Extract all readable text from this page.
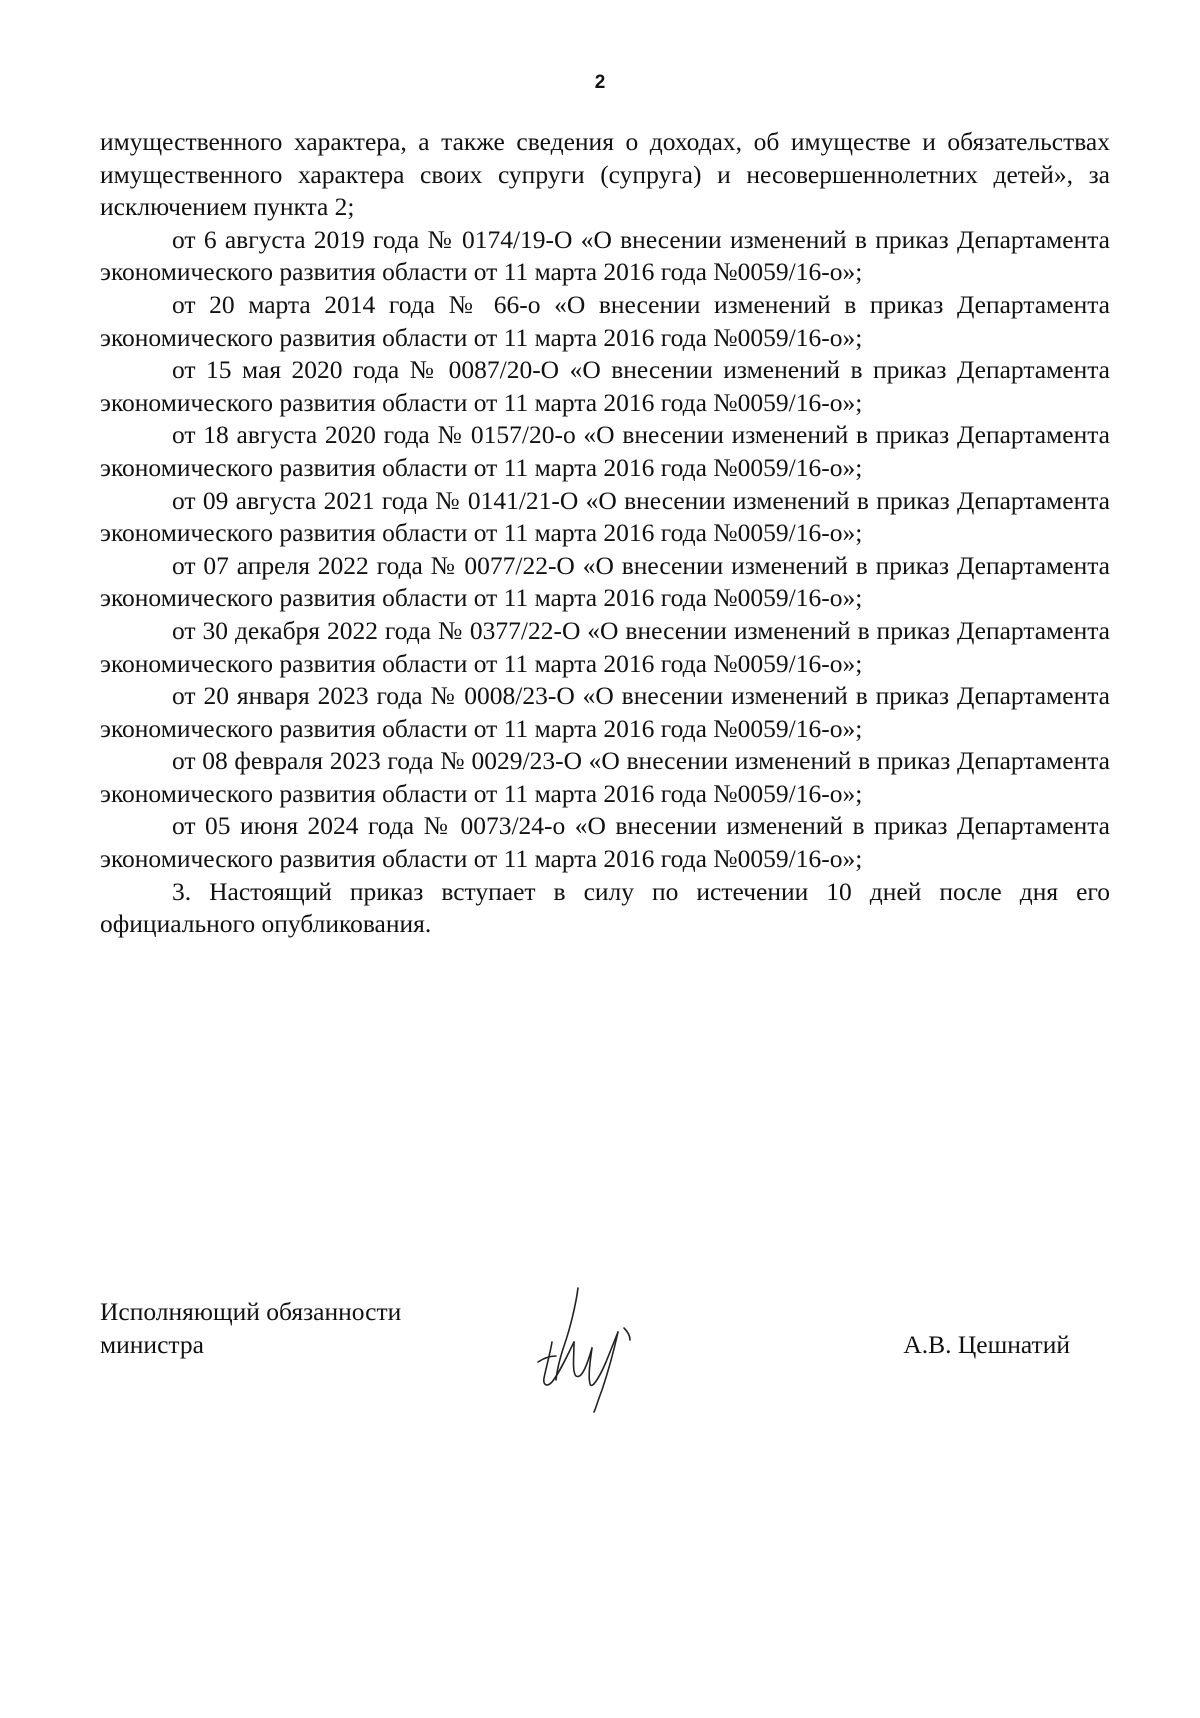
2

имущественного характера, а также сведения о доходах, об имуществе и обязательствах имущественного характера своих супруги (супруга) и несовершеннолетних детей», за исключением пункта 2;

от 6 августа 2019 года № 0174/19-О «О внесении изменений в приказ Департамента экономического развития области от 11 марта 2016 года №0059/16-о»;

от 20 марта 2014 года № 66-о «О внесении изменений в приказ Департамента экономического развития области от 11 марта 2016 года №0059/16-о»;

от 15 мая 2020 года № 0087/20-О «О внесении изменений в приказ Департамента экономического развития области от 11 марта 2016 года №0059/16-о»;

от 18 августа 2020 года № 0157/20-о «О внесении изменений в приказ Департамента экономического развития области от 11 марта 2016 года №0059/16-о»;

от 09 августа 2021 года № 0141/21-О «О внесении изменений в приказ Департамента экономического развития области от 11 марта 2016 года №0059/16-о»;

от 07 апреля 2022 года № 0077/22-О «О внесении изменений в приказ Департамента экономического развития области от 11 марта 2016 года №0059/16-о»;

от 30 декабря 2022 года № 0377/22-О «О внесении изменений в приказ Департамента экономического развития области от 11 марта 2016 года №0059/16-о»;

от 20 января 2023 года № 0008/23-О «О внесении изменений в приказ Департамента экономического развития области от 11 марта 2016 года №0059/16-о»;

от 08 февраля 2023 года № 0029/23-О «О внесении изменений в приказ Департамента экономического развития области от 11 марта 2016 года №0059/16-о»;

от 05 июня 2024 года № 0073/24-о «О внесении изменений в приказ Департамента экономического развития области от 11 марта 2016 года №0059/16-о»;

3. Настоящий приказ вступает в силу по истечении 10 дней после дня его официального опубликования.

Исполняющий обязанности
министра	А.В. Цешнатий
